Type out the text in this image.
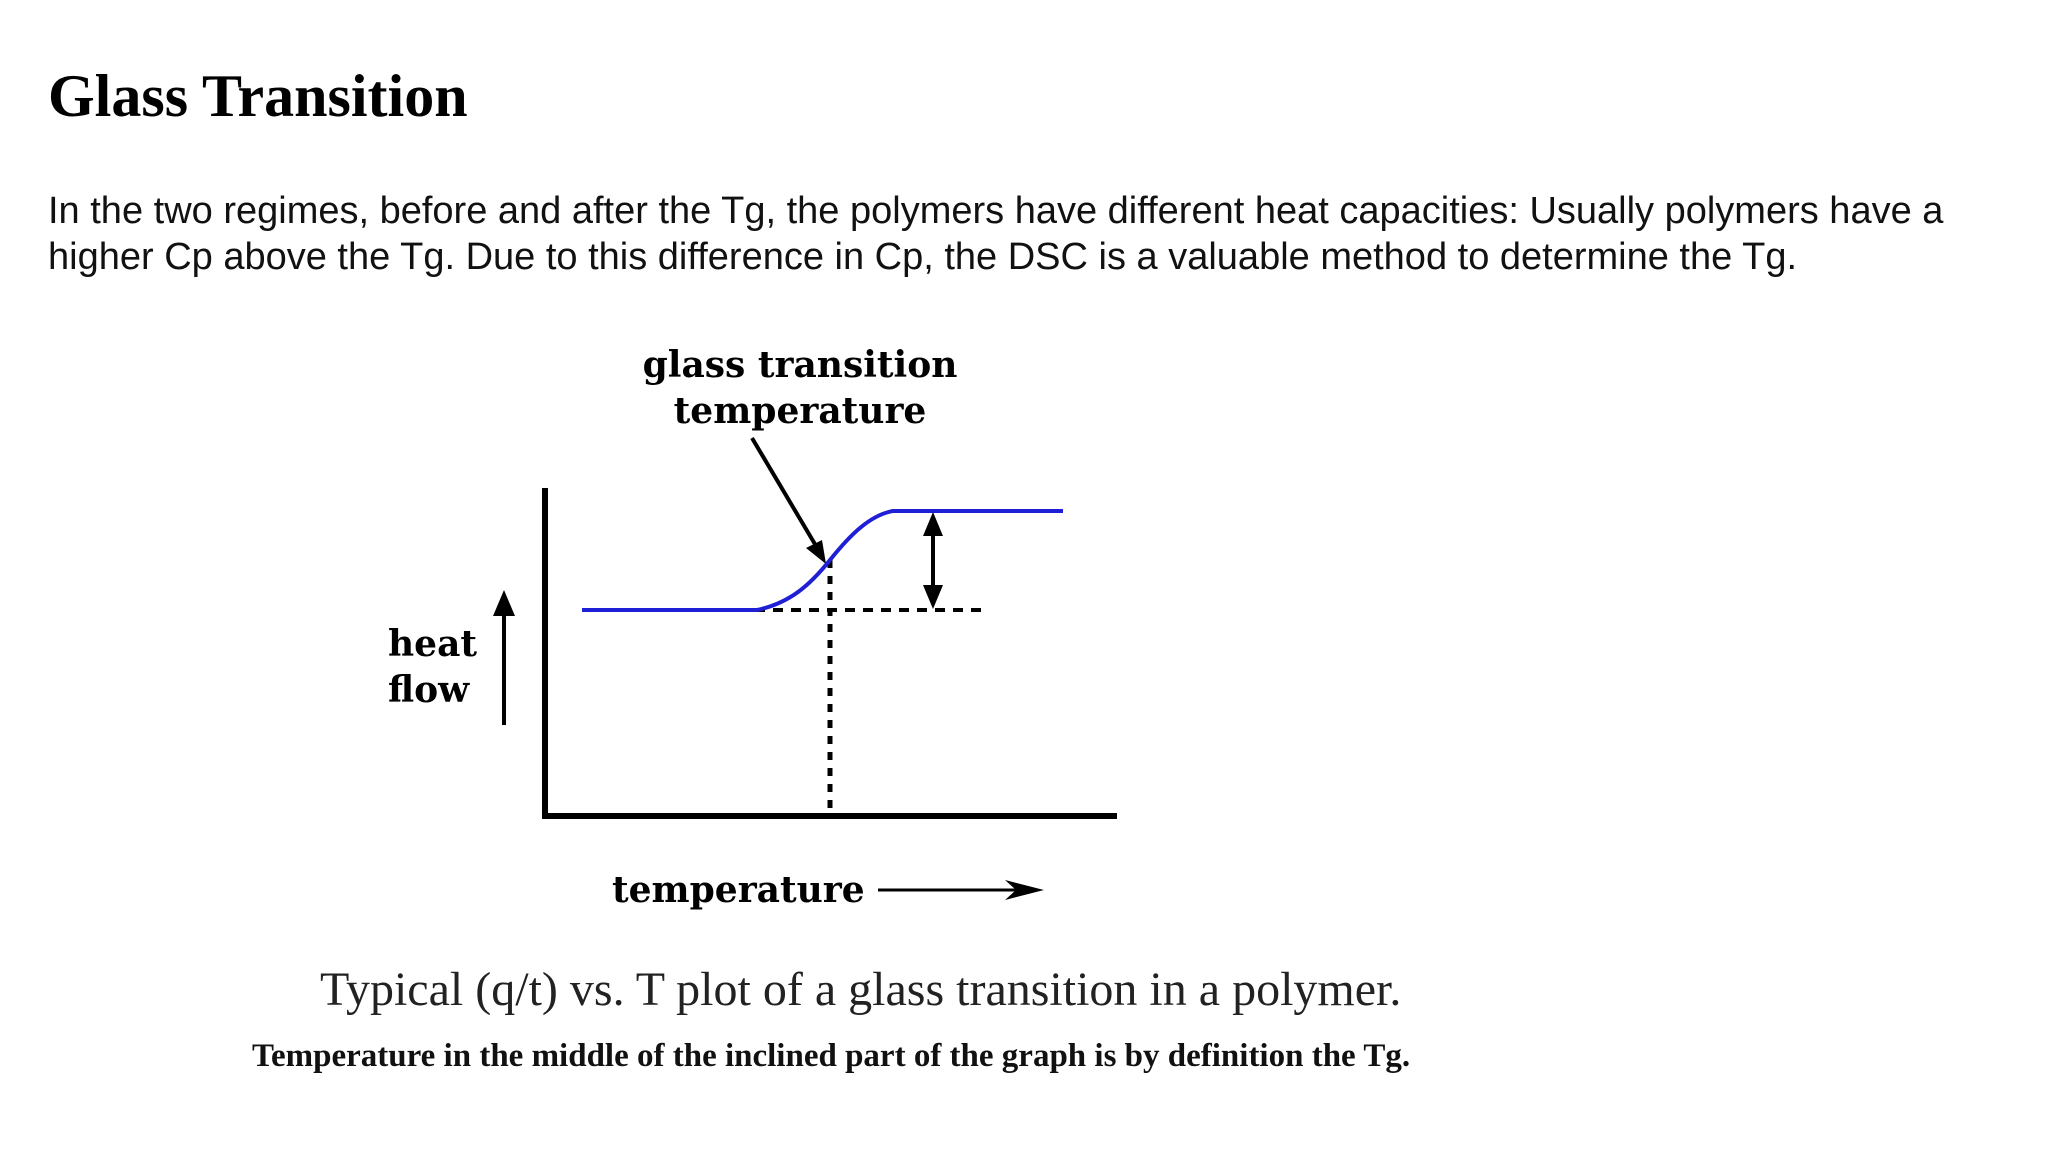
Glass Transition

In the two regimes, before and after the Tg, the polymers have different heat capacities: Usually polymers have a
higher Cp above the Tg. Due to this difference in Cp, the DSC is a valuable method to determine the Tg.

glass transition
temperature
heat
flow
temperature

Typical (q/t) vs. T plot of a glass transition in a polymer.

Temperature in the middle of the inclined part of the graph is by definition the Tg.
